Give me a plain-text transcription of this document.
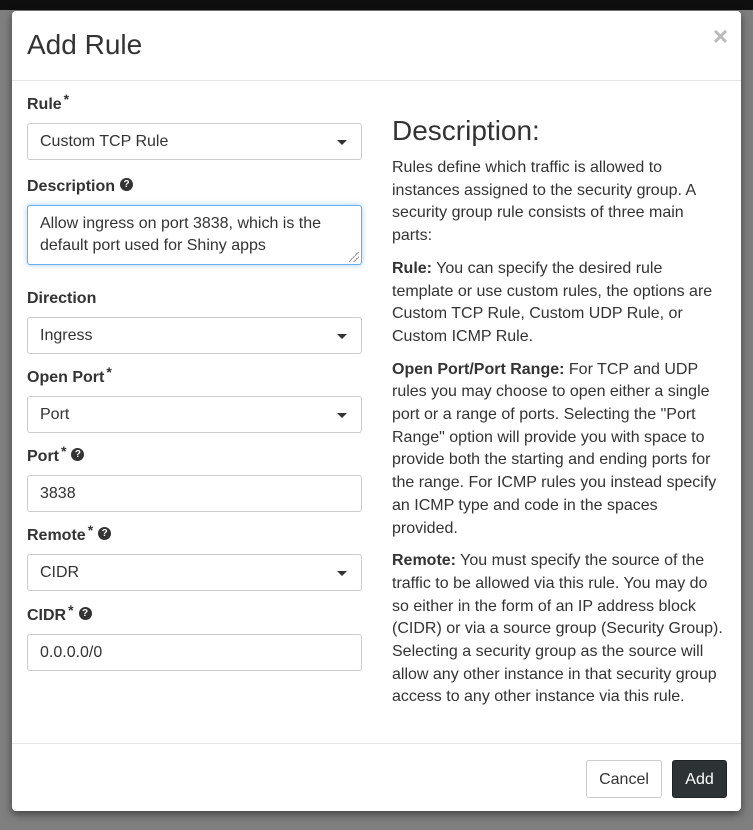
Add Rule	×
Rule *
Custom TCP Rule
Description ?
Allow ingress on port 3838, which is the default port used for Shiny apps
Direction
Ingress
Open Port *
Port
Port * ?
3838
Remote * ?
CIDR
CIDR * ?
0.0.0.0/0
Description:

Rules define which traffic is allowed to instances assigned to the security group. A security group rule consists of three main parts:

Rule: You can specify the desired rule template or use custom rules, the options are Custom TCP Rule, Custom UDP Rule, or Custom ICMP Rule.

Open Port/Port Range: For TCP and UDP rules you may choose to open either a single port or a range of ports. Selecting the "Port Range" option will provide you with space to provide both the starting and ending ports for the range. For ICMP rules you instead specify an ICMP type and code in the spaces provided.

Remote: You must specify the source of the traffic to be allowed via this rule. You may do so either in the form of an IP address block (CIDR) or via a source group (Security Group). Selecting a security group as the source will allow any other instance in that security group access to any other instance via this rule.

Cancel	Add
